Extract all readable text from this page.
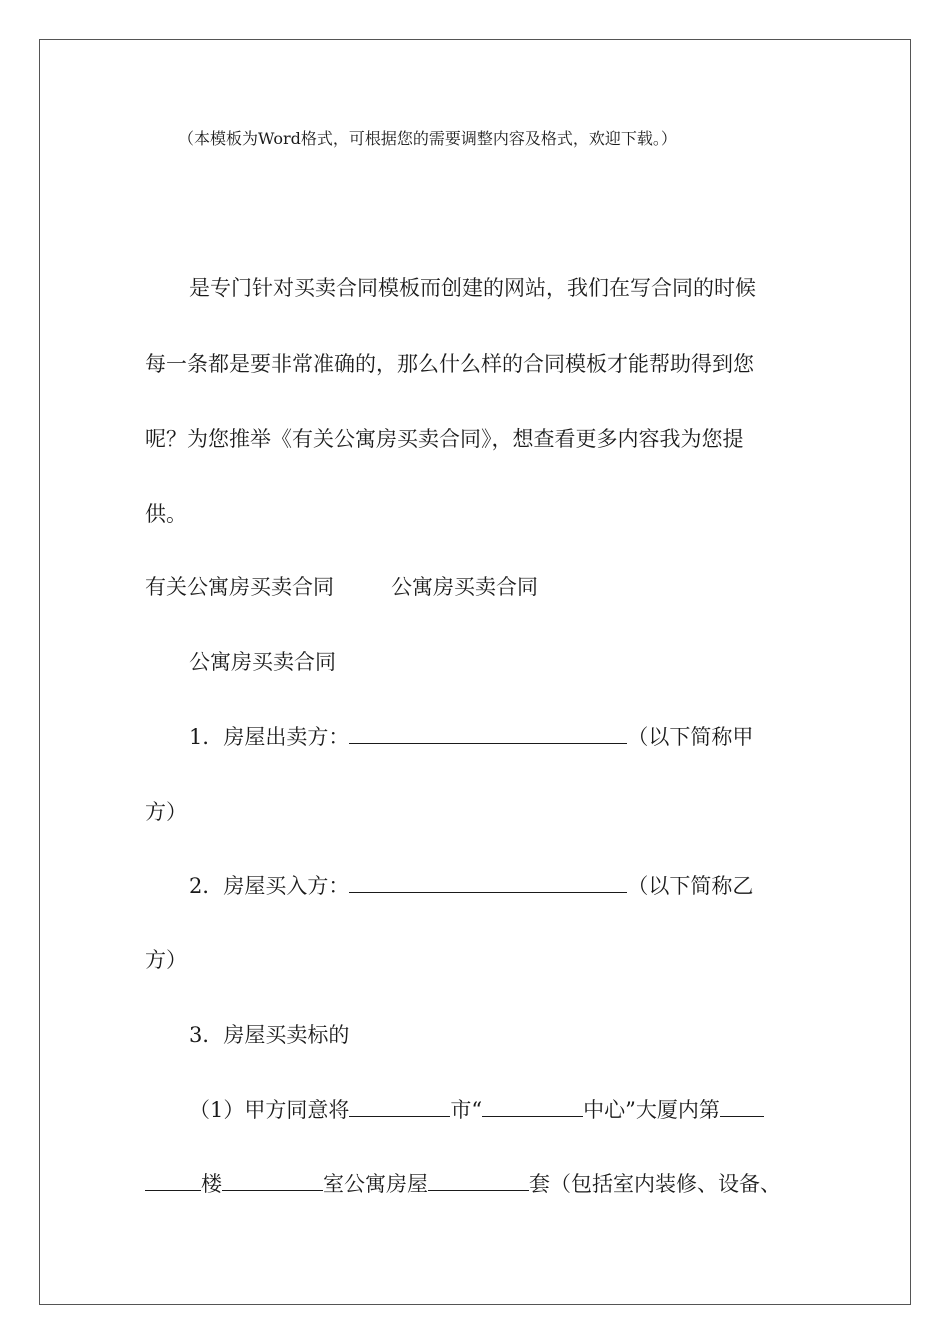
（本模板为Word格式，可根据您的需要调整内容及格式，欢迎下载。）
是专门针对买卖合同模板而创建的网站，我们在写合同的时候
每一条都是要非常准确的，那么什么样的合同模板才能帮助得到您
呢？为您推举《有关公寓房买卖合同》，想查看更多内容我为您提
供。
有关公寓房买卖合同	公寓房买卖合同
公寓房买卖合同
1．房屋出卖方：	（以下简称甲
方）
2．房屋买入方：	（以下简称乙
方）
3．房屋买卖标的
（1）甲方同意将	市“	中心”大厦内第
楼	室公寓房屋	套（包括室内装修、设备、
